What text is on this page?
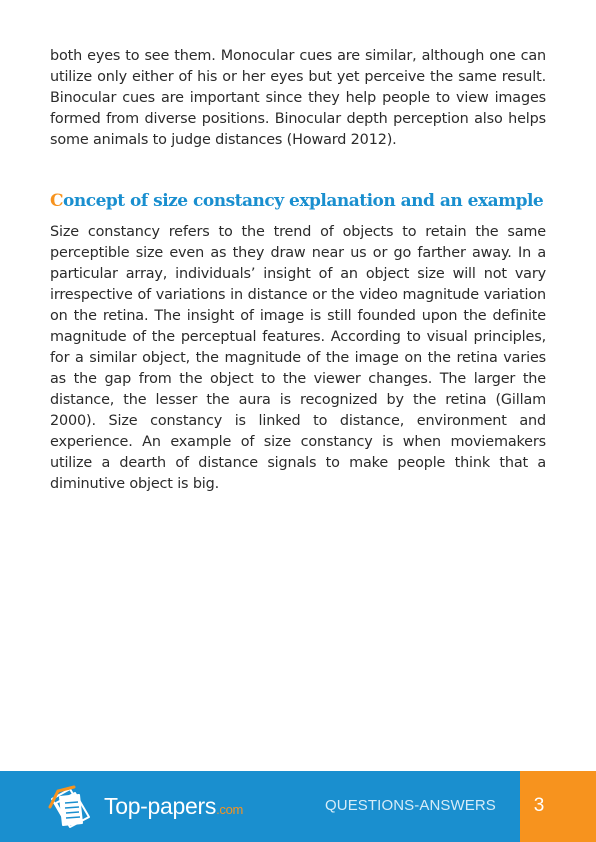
both eyes to see them. Monocular cues are similar, although one can utilize only either of his or her eyes but yet perceive the same result. Binocular cues are important since they help people to view images formed from diverse positions. Binocular depth perception also helps some animals to judge distances (Howard 2012).

Concept of size constancy explanation and an example

Size constancy refers to the trend of objects to retain the same perceptible size even as they draw near us or go farther away. In a particular array, individuals’ insight of an object size will not vary irrespective of variations in distance or the video magnitude variation on the retina. The insight of image is still founded upon the definite magnitude of the perceptual features. According to visual principles, for a similar object, the magnitude of the image on the retina varies as the gap from the object to the viewer changes. The larger the distance, the lesser the aura is recognized by the retina (Gillam 2000). Size constancy is linked to distance, environment and experience. An example of size constancy is when moviemakers utilize a dearth of distance signals to make people think that a diminutive object is big.

Top-papers.com	QUESTIONS-ANSWERS	3
